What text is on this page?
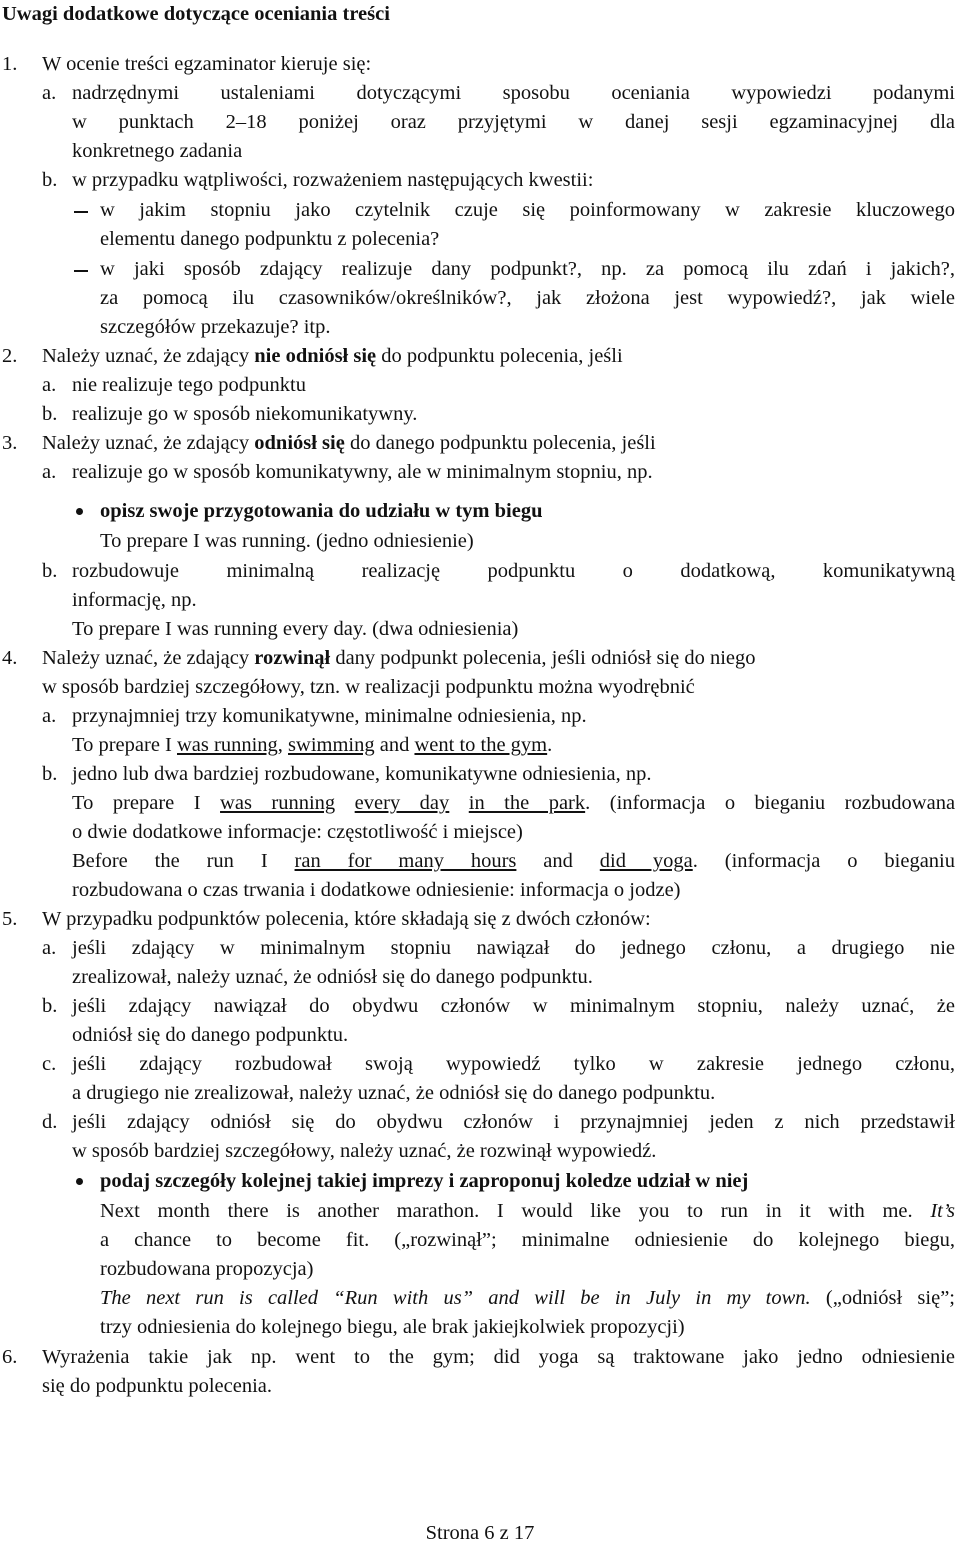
Uwagi dodatkowe dotyczące oceniania treści
1. W ocenie treści egzaminator kieruje się:
a. nadrzędnymi ustaleniami dotyczącymi sposobu oceniania wypowiedzi podanymi
w punktach 2–18 poniżej oraz przyjętymi w danej sesji egzaminacyjnej dla
konkretnego zadania
b. w przypadku wątpliwości, rozważeniem następujących kwestii:
w jakim stopniu jako czytelnik czuje się poinformowany w zakresie kluczowego
elementu danego podpunktu z polecenia?
w jaki sposób zdający realizuje dany podpunkt?, np. za pomocą ilu zdań i jakich?,
za pomocą ilu czasowników/określników?, jak złożona jest wypowiedź?, jak wiele
szczegółów przekazuje? itp.
2. Należy uznać, że zdający nie odniósł się do podpunktu polecenia, jeśli
a. nie realizuje tego podpunktu
b. realizuje go w sposób niekomunikatywny.
3. Należy uznać, że zdający odniósł się do danego podpunktu polecenia, jeśli
a. realizuje go w sposób komunikatywny, ale w minimalnym stopniu, np.
opisz swoje przygotowania do udziału w tym biegu
To prepare I was running. (jedno odniesienie)
b. rozbudowuje minimalną realizację podpunktu o dodatkową, komunikatywną
informację, np.
To prepare I was running every day. (dwa odniesienia)
4. Należy uznać, że zdający rozwinął dany podpunkt polecenia, jeśli odniósł się do niego
w sposób bardziej szczegółowy, tzn. w realizacji podpunktu można wyodrębnić
a. przynajmniej trzy komunikatywne, minimalne odniesienia, np.
To prepare I was running, swimming and went to the gym.
b. jedno lub dwa bardziej rozbudowane, komunikatywne odniesienia, np.
To prepare I was running every day in the park. (informacja o bieganiu rozbudowana
o dwie dodatkowe informacje: częstotliwość i miejsce)
Before the run I ran for many hours and did yoga. (informacja o bieganiu
rozbudowana o czas trwania i dodatkowe odniesienie: informacja o jodze)
5. W przypadku podpunktów polecenia, które składają się z dwóch członów:
a. jeśli zdający w minimalnym stopniu nawiązał do jednego członu, a drugiego nie
zrealizował, należy uznać, że odniósł się do danego podpunktu.
b. jeśli zdający nawiązał do obydwu członów w minimalnym stopniu, należy uznać, że
odniósł się do danego podpunktu.
c. jeśli zdający rozbudował swoją wypowiedź tylko w zakresie jednego członu,
a drugiego nie zrealizował, należy uznać, że odniósł się do danego podpunktu.
d. jeśli zdający odniósł się do obydwu członów i przynajmniej jeden z nich przedstawił
w sposób bardziej szczegółowy, należy uznać, że rozwinął wypowiedź.
podaj szczegóły kolejnej takiej imprezy i zaproponuj koledze udział w niej
Next month there is another marathon. I would like you to run in it with me. It’s
a chance to become fit. („rozwinął”; minimalne odniesienie do kolejnego biegu,
rozbudowana propozycja)
The next run is called “Run with us” and will be in July in my town. („odniósł się”;
trzy odniesienia do kolejnego biegu, ale brak jakiejkolwiek propozycji)
6. Wyrażenia takie jak np. went to the gym; did yoga są traktowane jako jedno odniesienie
się do podpunktu polecenia.
Strona 6 z 17
